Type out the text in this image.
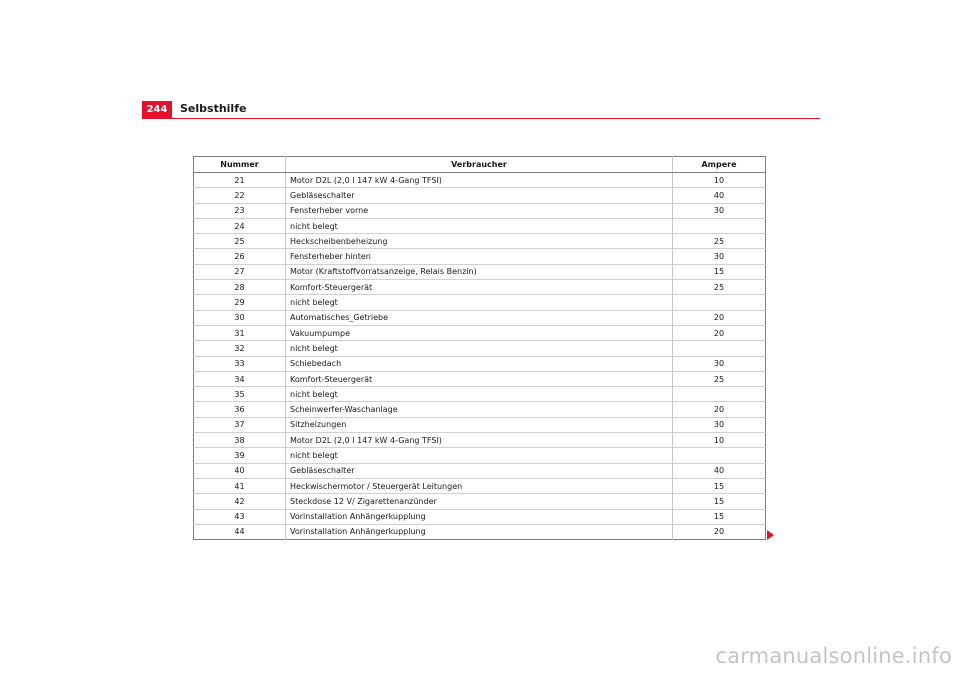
244 Selbsthilfe
Nummer	Verbraucher	Ampere
21	Motor D2L (2,0 l 147 kW 4-Gang TFSI)	10
22	Gebläseschalter	40
23	Fensterheber vorne	30
24	nicht belegt	
25	Heckscheibenbeheizung	25
26	Fensterheber hinten	30
27	Motor (Kraftstoffvorratsanzeige, Relais Benzin)	15
28	Komfort-Steuergerät	25
29	nicht belegt	
30	Automatisches_Getriebe	20
31	Vakuumpumpe	20
32	nicht belegt	
33	Schiebedach	30
34	Komfort-Steuergerät	25
35	nicht belegt	
36	Scheinwerfer-Waschanlage	20
37	Sitzheizungen	30
38	Motor D2L (2,0 l 147 kW 4-Gang TFSI)	10
39	nicht belegt	
40	Gebläseschalter	40
41	Heckwischermotor / Steuergerät Leitungen	15
42	Steckdose 12 V/ Zigarettenanzünder	15
43	Vorinstallation Anhängerkupplung	15
44	Vorinstallation Anhängerkupplung	20
carmanualsonline.info
